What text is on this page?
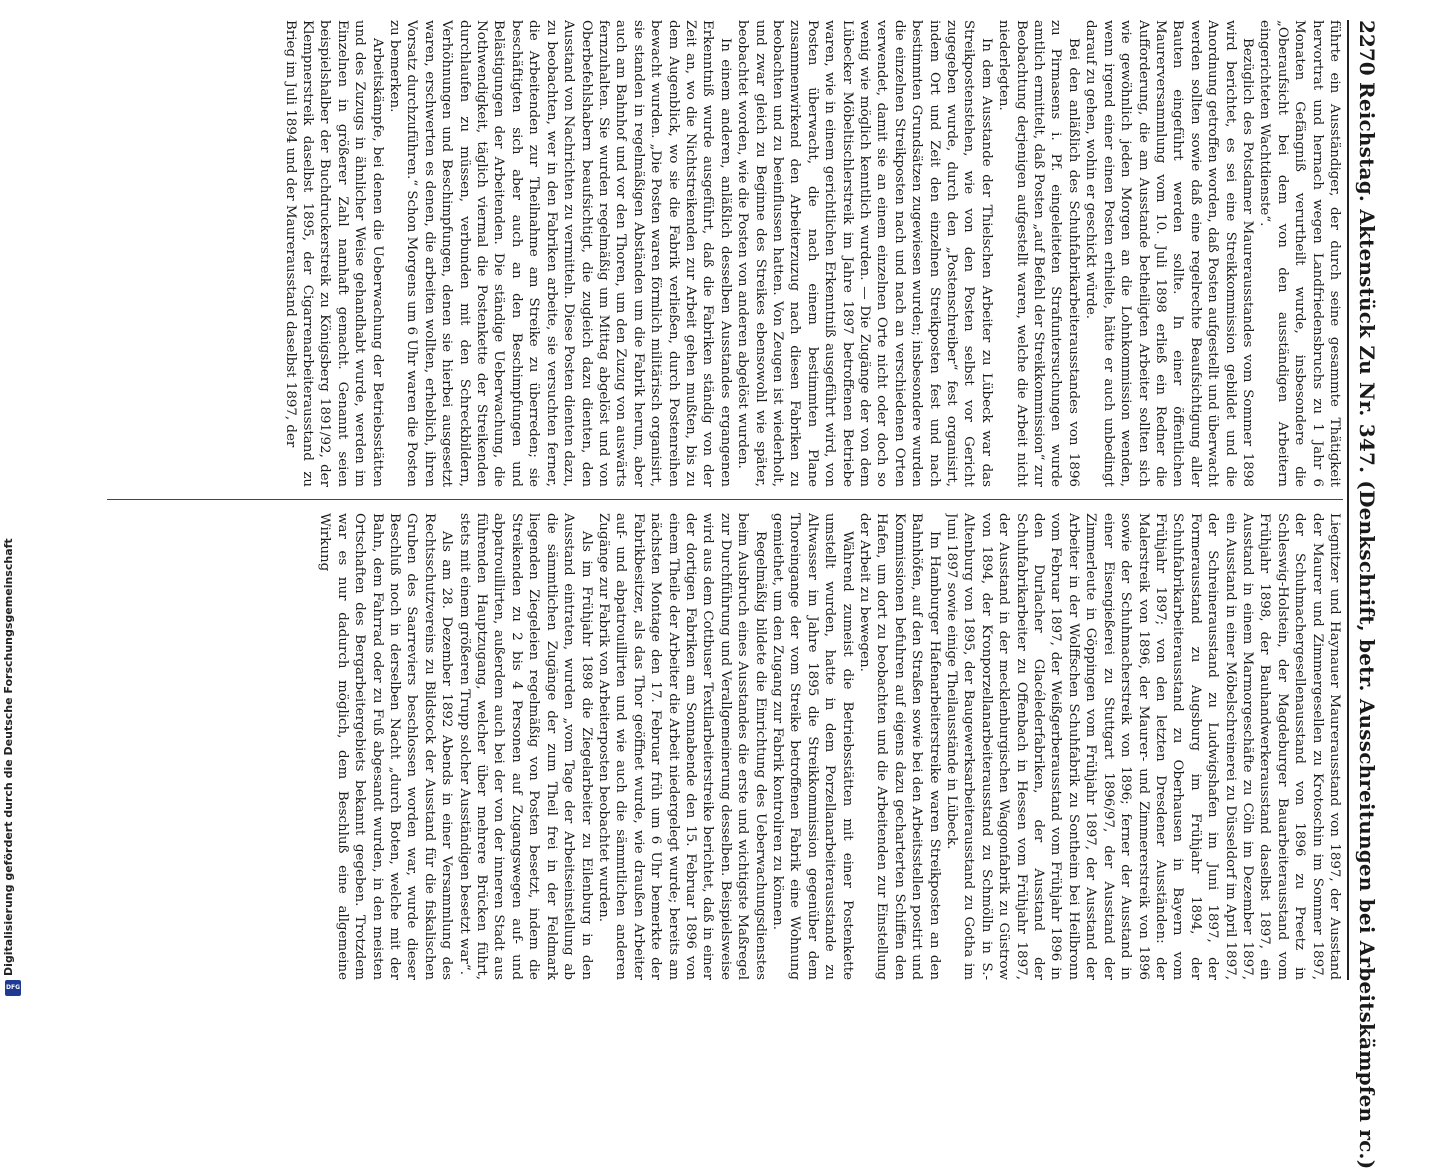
2270
Reichstag. Aktenstück Zu Nr. 347. (Denkschrift, betr. Ausschreitungen bei Arbeitskämpfen rc.)

führte ein Ausständiger, der durch seine gesammte Thätigkeit hervortrat und hernach wegen Landfriedensbruchs zu 1 Jahr 6 Monaten Gefängniß verurtheilt wurde, insbesondere die „Oberaufsicht bei dem von den ausständigen Arbeitern eingerichteten Wachtdienste“.

Bezüglich des Potsdamer Maurerausstandes vom Sommer 1898 wird berichtet, es sei eine Streikkommission gebildet und die Anordnung getroffen worden, daß Posten aufgestellt und überwacht werden sollten sowie daß eine regelrechte Beaufsichtigung aller Bauten eingeführt werden sollte. In einer öffentlichen Maurerversammlung vom 10. Juli 1898 erließ ein Redner die Aufforderung, die am Ausstande betheiligten Arbeiter sollten sich wie gewöhnlich jeden Morgen an die Lohnkommission wenden, wenn irgend einer einen Posten erhielte, hätte er auch unbedingt darauf zu gehen, wohin er geschickt würde.

Bei den anläßlich des Schuhfabrikarbeiterausstandes von 1896 zu Pirmasens i. Pf. eingeleiteten Strafuntersuchungen wurde amtlich ermittelt, daß Posten „auf Befehl der Streikkommission“ zur Beobachtung derjenigen aufgestellt waren, welche die Arbeit nicht niederlegten.

In dem Ausstande der Thielschen Arbeiter zu Lübeck war das Streikpostenstehen, wie von den Posten selbst vor Gericht zugegeben wurde, durch den „Postenschreiber“ fest organisirt, indem Ort und Zeit den einzelnen Streikposten fest und nach bestimmten Grundsätzen zugewiesen wurden; insbesondere wurden die einzelnen Streikposten nach und nach an verschiedenen Orten verwendet, damit sie an einem einzelnen Orte nicht oder doch so wenig wie möglich kenntlich wurden. — Die Zugänge der von dem Lübecker Möbeltischlerstreik im Jahre 1897 betroffenen Betriebe waren, wie in einem gerichtlichen Erkenntniß ausgeführt wird, von Posten überwacht, die nach einem bestimmten Plane zusammenwirkend den Arbeiterzuzug nach diesen Fabriken zu beobachten und zu beeinflussen hatten. Von Zeugen ist wiederholt, und zwar gleich zu Beginne des Streikes ebensowohl wie später, beobachtet worden, wie die Posten von anderen abgelöst wurden.

In einem anderen, anläßlich desselben Ausstandes ergangenen Erkenntniß wurde ausgeführt, daß die Fabriken ständig von der Zeit an, wo die Nichtstreikenden zur Arbeit gehen mußten, bis zu dem Augenblick, wo sie die Fabrik verließen, durch Postenreihen bewacht wurden. „Die Posten waren förmlich militärisch organisirt, sie standen in regelmäßigen Abständen um die Fabrik herum, aber auch am Bahnhof und vor den Thoren, um den Zuzug von auswärts fernzuhalten. Sie wurden regelmäßig um Mittag abgelöst und von Oberbefehlshabern beaufsichtigt, die zugleich dazu dienten, den Ausstand von Nachrichten zu vermitteln. Diese Posten dienten dazu, zu beobachten, wer in den Fabriken arbeite, sie versuchten ferner, die Arbeitenden zur Theilnahme am Streike zu überreden; sie beschäftigten sich aber auch an den Beschimpfungen und Belästigungen der Arbeitenden. Die ständige Ueberwachung, die Nothwendigkeit, täglich viermal die Postenkette der Streikenden durchlaufen zu müssen, verbunden mit den Schreckbildern, Verhöhnungen und Beschimpfungen, denen sie hierbei ausgesetzt waren, erschwerten es denen, die arbeiten wollten, erheblich, ihren Vorsatz durchzuführen.“ Schon Morgens um 6 Uhr waren die Posten zu bemerken.

Arbeitskämpfe, bei denen die Ueberwachung der Betriebsstätten und des Zuzugs in ähnlicher Weise gehandhabt wurde, werden im Einzelnen in größerer Zahl namhaft gemacht. Genannt seien beispielshalber der Buchdruckerstreik zu Königsberg 1891/92, der Klempnerstreik daselbst 1895, der Cigarrenarbeiterausstand zu Brieg im Juli 1894 und der Maurerausstand daselbst 1897, der

Liegnitzer und Haynauer Maurerausstand von 1897, der Ausstand der Maurer und Zimmergesellen zu Krotoschin im Sommer 1897, der Schuhmachergesellenausstand von 1896 zu Preetz in Schleswig-Holstein, der Magdeburger Bauarbeiterausstand vom Frühjahr 1898, der Bauhandwerkerausstand daselbst 1897, ein Ausstand in einem Marmorgeschäfte zu Cöln im Dezember 1897, ein Ausstand in einer Möbelschreinerei zu Düsseldorf im April 1897, der Schreinerausstand zu Ludwigshafen im Juni 1897, der Formerausstand zu Augsburg im Frühjahr 1894, der Schuhfabrikarbeiterausstand zu Oberhausen in Bayern vom Frühjahr 1897; von den letzten Dresdener Ausständen: der Malerstreik von 1896, der Maurer- und Zimmererstreik von 1896 sowie der Schuhmacherstreik von 1896; ferner der Ausstand in einer Eisengießerei zu Stuttgart 1896/97, der Ausstand der Zimmerleute in Göppingen vom Frühjahr 1897, der Ausstand der Arbeiter in der Wolffschen Schuhfabrik zu Sontheim bei Heilbronn vom Februar 1897, der Weißgerberausstand vom Frühjahr 1896 in den Durlacher Glacélederfabriken, der Ausstand der Schuhfabrikarbeiter zu Offenbach in Hessen vom Frühjahr 1897, der Ausstand in der mecklenburgischen Waggonfabrik zu Güstrow von 1894, der Kronporzellanarbeiterausstand zu Schmölln in S.-Altenburg von 1895, der Baugewerksarbeiterausstand zu Gotha im Juni 1897 sowie einige Theilausstände in Lübeck.

Im Hamburger Hafenarbeiterstreike waren Streikposten an den Bahnhöfen, auf den Straßen sowie bei den Arbeitsstellen postirt und Kommissionen befuhren auf eigens dazu gecharterten Schiffen den Hafen, um dort zu beobachten und die Arbeitenden zur Einstellung der Arbeit zu bewegen.

Während zumeist die Betriebsstätten mit einer Postenkette umstellt wurden, hatte in dem Porzellanarbeiterausstande zu Altwasser im Jahre 1895 die Streikkommission gegenüber dem Thoreingange der vom Streike betroffenen Fabrik eine Wohnung gemiethet, um den Zugang zur Fabrik kontroliren zu können.

Regelmäßig bildete die Einrichtung des Ueberwachungsdienstes beim Ausbruch eines Ausstandes die erste und wichtigste Maßregel zur Durchführung und Verallgemeinerung desselben. Beispielsweise wird aus dem Cottbuser Textilarbeiterstreike berichtet, daß in einer der dortigen Fabriken am Sonnabende den 15. Februar 1896 von einem Theile der Arbeiter die Arbeit niedergelegt wurde; bereits am nächsten Montage den 17. Februar früh um 6 Uhr bemerkte der Fabrikbesitzer, als das Thor geöffnet wurde, wie draußen Arbeiter auf- und abpatrouillirten und wie auch die sämmtlichen anderen Zugänge zur Fabrik von Arbeiterposten beobachtet wurden.

Als im Frühjahr 1898 die Ziegelarbeiter zu Eilenburg in den Ausstand eintraten, wurden „vom Tage der Arbeitseinstellung ab die sämmtlichen Zugänge der zum Theil frei in der Feldmark liegenden Ziegeleien regelmäßig von Posten besetzt, indem die Streikenden zu 2 bis 4 Personen auf Zugangswegen auf- und abpatrouillirten, außerdem auch bei der von der inneren Stadt aus führenden Hauptzugang, welcher über mehrere Brücken führt, stets mit einem größeren Trupp solcher Ausständigen besetzt war“.

Als am 28. Dezember 1892 Abends in einer Versammlung des Rechtsschutzvereins zu Bildstock der Ausstand für die fiskalischen Gruben des Saarreviers beschlossen worden war, wurde dieser Beschluß noch in derselben Nacht „durch Boten, welche mit der Bahn, dem Fahrrad oder zu Fuß abgesandt wurden, in den meisten Ortschaften des Bergarbeitergebiets bekannt gegeben. Trotzdem war es nur dadurch möglich, dem Beschluß eine allgemeine Wirkung

Digitalisierung gefördert durch die Deutsche Forschungsgemeinschaft
DFG
